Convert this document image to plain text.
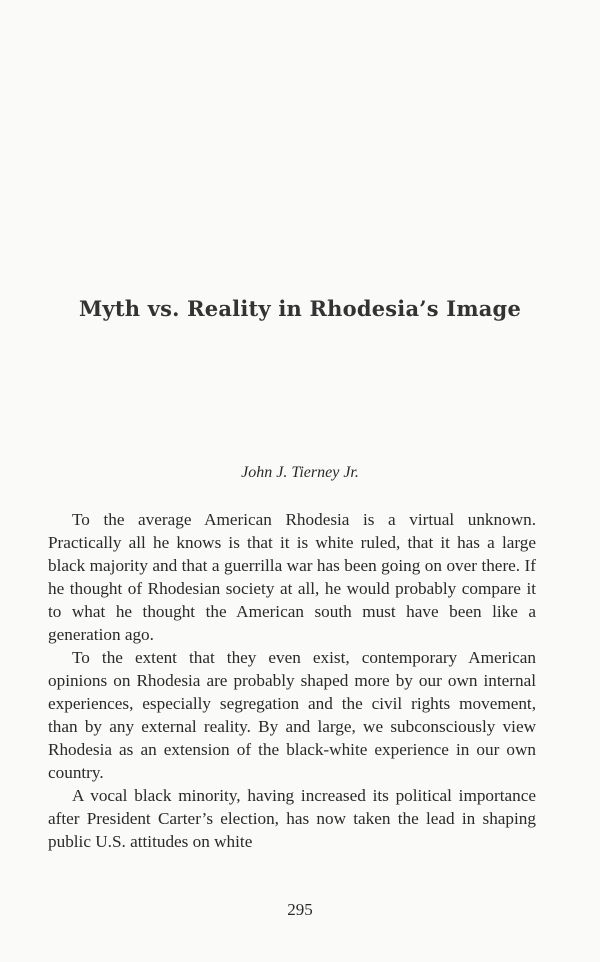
Myth vs. Reality in Rhodesia’s Image
John J. Tierney Jr.

To the average American Rhodesia is a virtual unknown. Practically all he knows is that it is white ruled, that it has a large black majority and that a guerrilla war has been going on over there. If he thought of Rhodesian society at all, he would probably compare it to what he thought the American south must have been like a generation ago.

To the extent that they even exist, contemporary American opinions on Rhodesia are probably shaped more by our own internal experiences, especially segregation and the civil rights movement, than by any external reality. By and large, we subconsciously view Rhodesia as an extension of the black-white experience in our own country.

A vocal black minority, having increased its political importance after President Carter’s election, has now taken the lead in shaping public U.S. attitudes on white

295
